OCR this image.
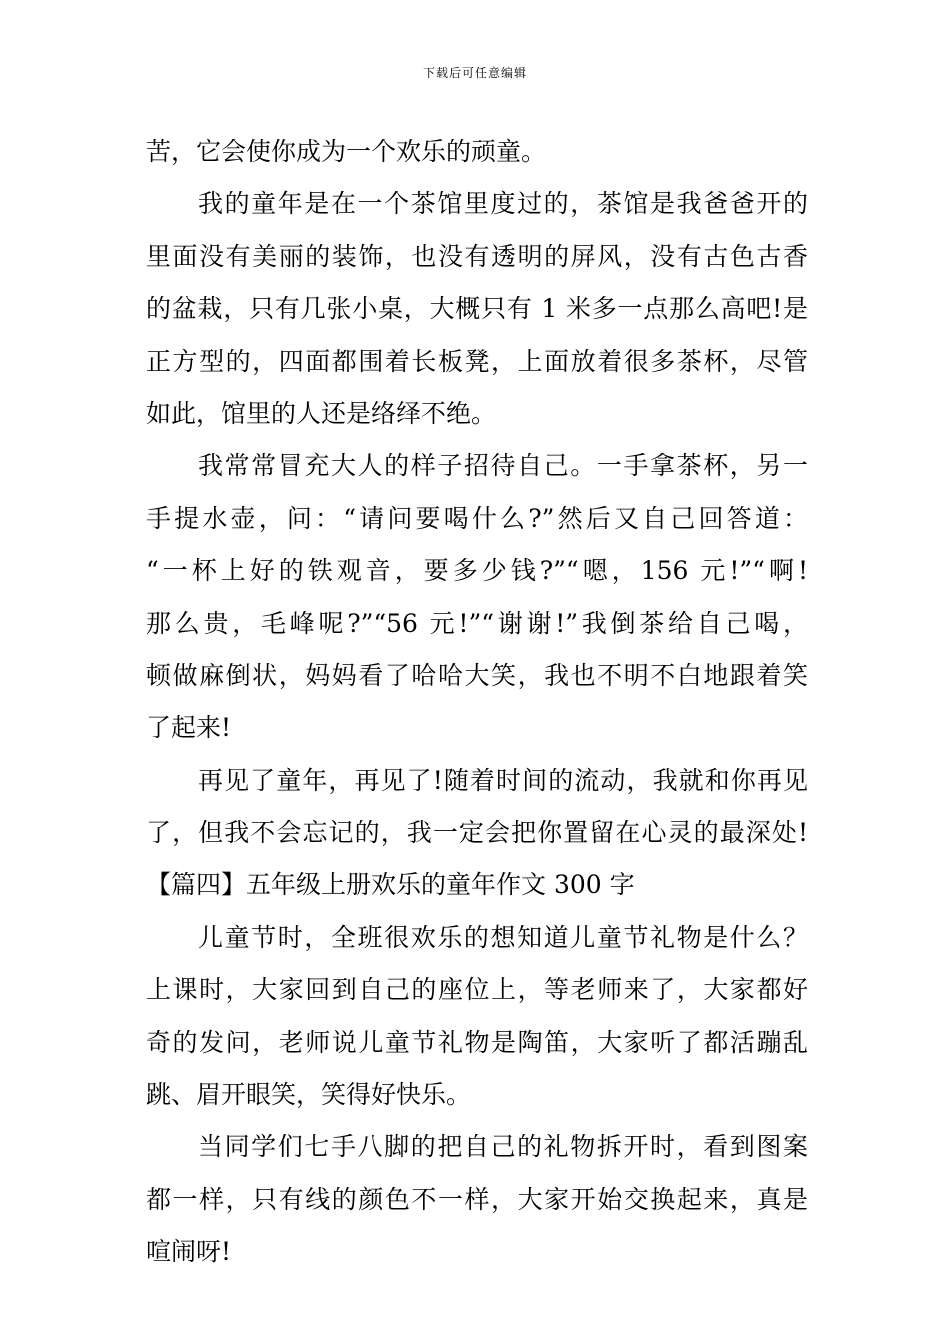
下载后可任意编辑
苦，它会使你成为一个欢乐的顽童。
我的童年是在一个茶馆里度过的，茶馆是我爸爸开的
里面没有美丽的装饰，也没有透明的屏风，没有古色古香
的盆栽，只有几张小桌，大概只有 1 米多一点那么高吧!是
正方型的，四面都围着长板凳，上面放着很多茶杯，尽管
如此，馆里的人还是络绎不绝。
我常常冒充大人的样子招待自己。一手拿茶杯，另一
手提水壶，问：“请问要喝什么?”然后又自己回答道：
“一杯上好的铁观音，要多少钱?”“嗯，156 元!”“啊!
那么贵，毛峰呢?”“56 元!”“谢谢!”我倒茶给自己喝，
顿做麻倒状，妈妈看了哈哈大笑，我也不明不白地跟着笑
了起来!
再见了童年，再见了!随着时间的流动，我就和你再见
了，但我不会忘记的，我一定会把你置留在心灵的最深处!
【篇四】五年级上册欢乐的童年作文 300 字
儿童节时，全班很欢乐的想知道儿童节礼物是什么？
上课时，大家回到自己的座位上，等老师来了，大家都好
奇的发问，老师说儿童节礼物是陶笛，大家听了都活蹦乱
跳、眉开眼笑，笑得好快乐。
当同学们七手八脚的把自己的礼物拆开时，看到图案
都一样，只有线的颜色不一样，大家开始交换起来，真是
喧闹呀!
